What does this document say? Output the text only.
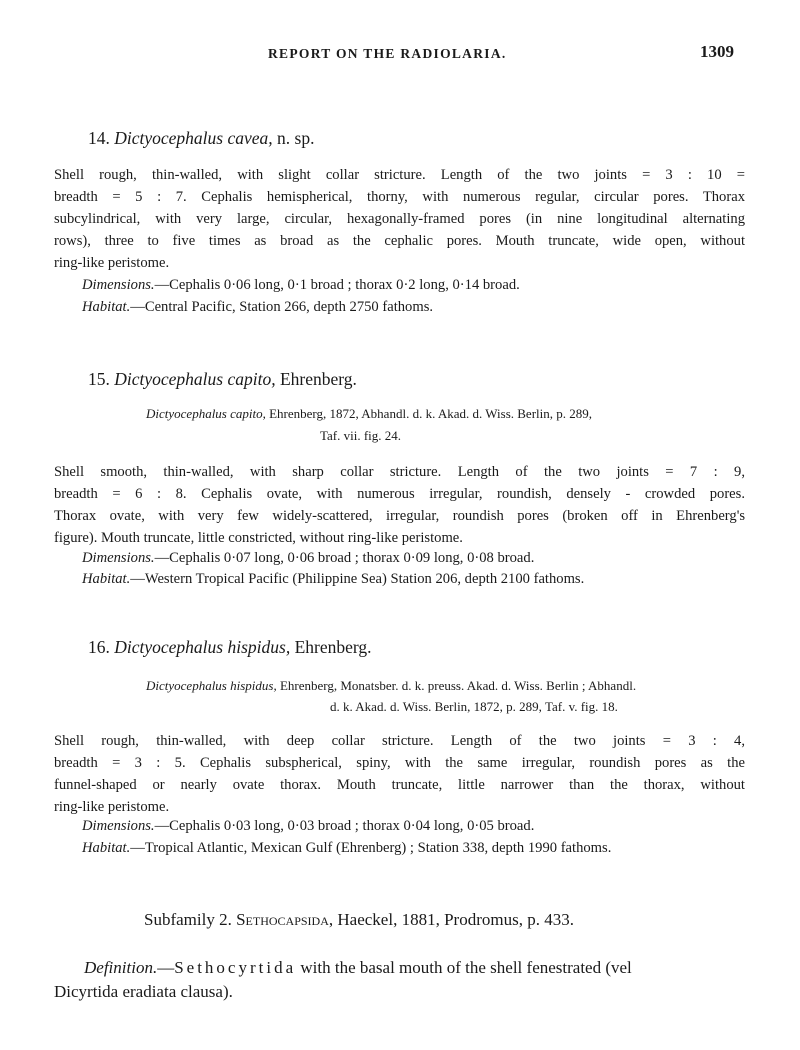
REPORT ON THE RADIOLARIA.	1309
14. Dictyocephalus cavea, n. sp.
Shell rough, thin-walled, with slight collar stricture. Length of the two joints = 3 : 10 =
breadth = 5 : 7. Cephalis hemispherical, thorny, with numerous regular, circular pores. Thorax
subcylindrical, with very large, circular, hexagonally-framed pores (in nine longitudinal alternating
rows), three to five times as broad as the cephalic pores. Mouth truncate, wide open, without
ring-like peristome.
Dimensions.—Cephalis 0·06 long, 0·1 broad ; thorax 0·2 long, 0·14 broad.
Habitat.—Central Pacific, Station 266, depth 2750 fathoms.
15. Dictyocephalus capito, Ehrenberg.
Dictyocephalus capito, Ehrenberg, 1872, Abhandl. d. k. Akad. d. Wiss. Berlin, p. 289,
Taf. vii. fig. 24.
Shell smooth, thin-walled, with sharp collar stricture. Length of the two joints = 7 : 9,
breadth = 6 : 8. Cephalis ovate, with numerous irregular, roundish, densely - crowded pores.
Thorax ovate, with very few widely-scattered, irregular, roundish pores (broken off in Ehrenberg's
figure). Mouth truncate, little constricted, without ring-like peristome.
Dimensions.—Cephalis 0·07 long, 0·06 broad ; thorax 0·09 long, 0·08 broad.
Habitat.—Western Tropical Pacific (Philippine Sea) Station 206, depth 2100 fathoms.
16. Dictyocephalus hispidus, Ehrenberg.
Dictyocephalus hispidus, Ehrenberg, Monatsber. d. k. preuss. Akad. d. Wiss. Berlin ; Abhandl.
d. k. Akad. d. Wiss. Berlin, 1872, p. 289, Taf. v. fig. 18.
Shell rough, thin-walled, with deep collar stricture. Length of the two joints = 3 : 4,
breadth = 3 : 5. Cephalis subspherical, spiny, with the same irregular, roundish pores as the
funnel-shaped or nearly ovate thorax. Mouth truncate, little narrower than the thorax, without
ring-like peristome.
Dimensions.—Cephalis 0·03 long, 0·03 broad ; thorax 0·04 long, 0·05 broad.
Habitat.—Tropical Atlantic, Mexican Gulf (Ehrenberg) ; Station 338, depth 1990 fathoms.
Subfamily 2. Sethocapsida, Haeckel, 1881, Prodromus, p. 433.
Definition.—Sethocyrtida with the basal mouth of the shell fenestrated (vel
Dicyrtida eradiata clausa).
